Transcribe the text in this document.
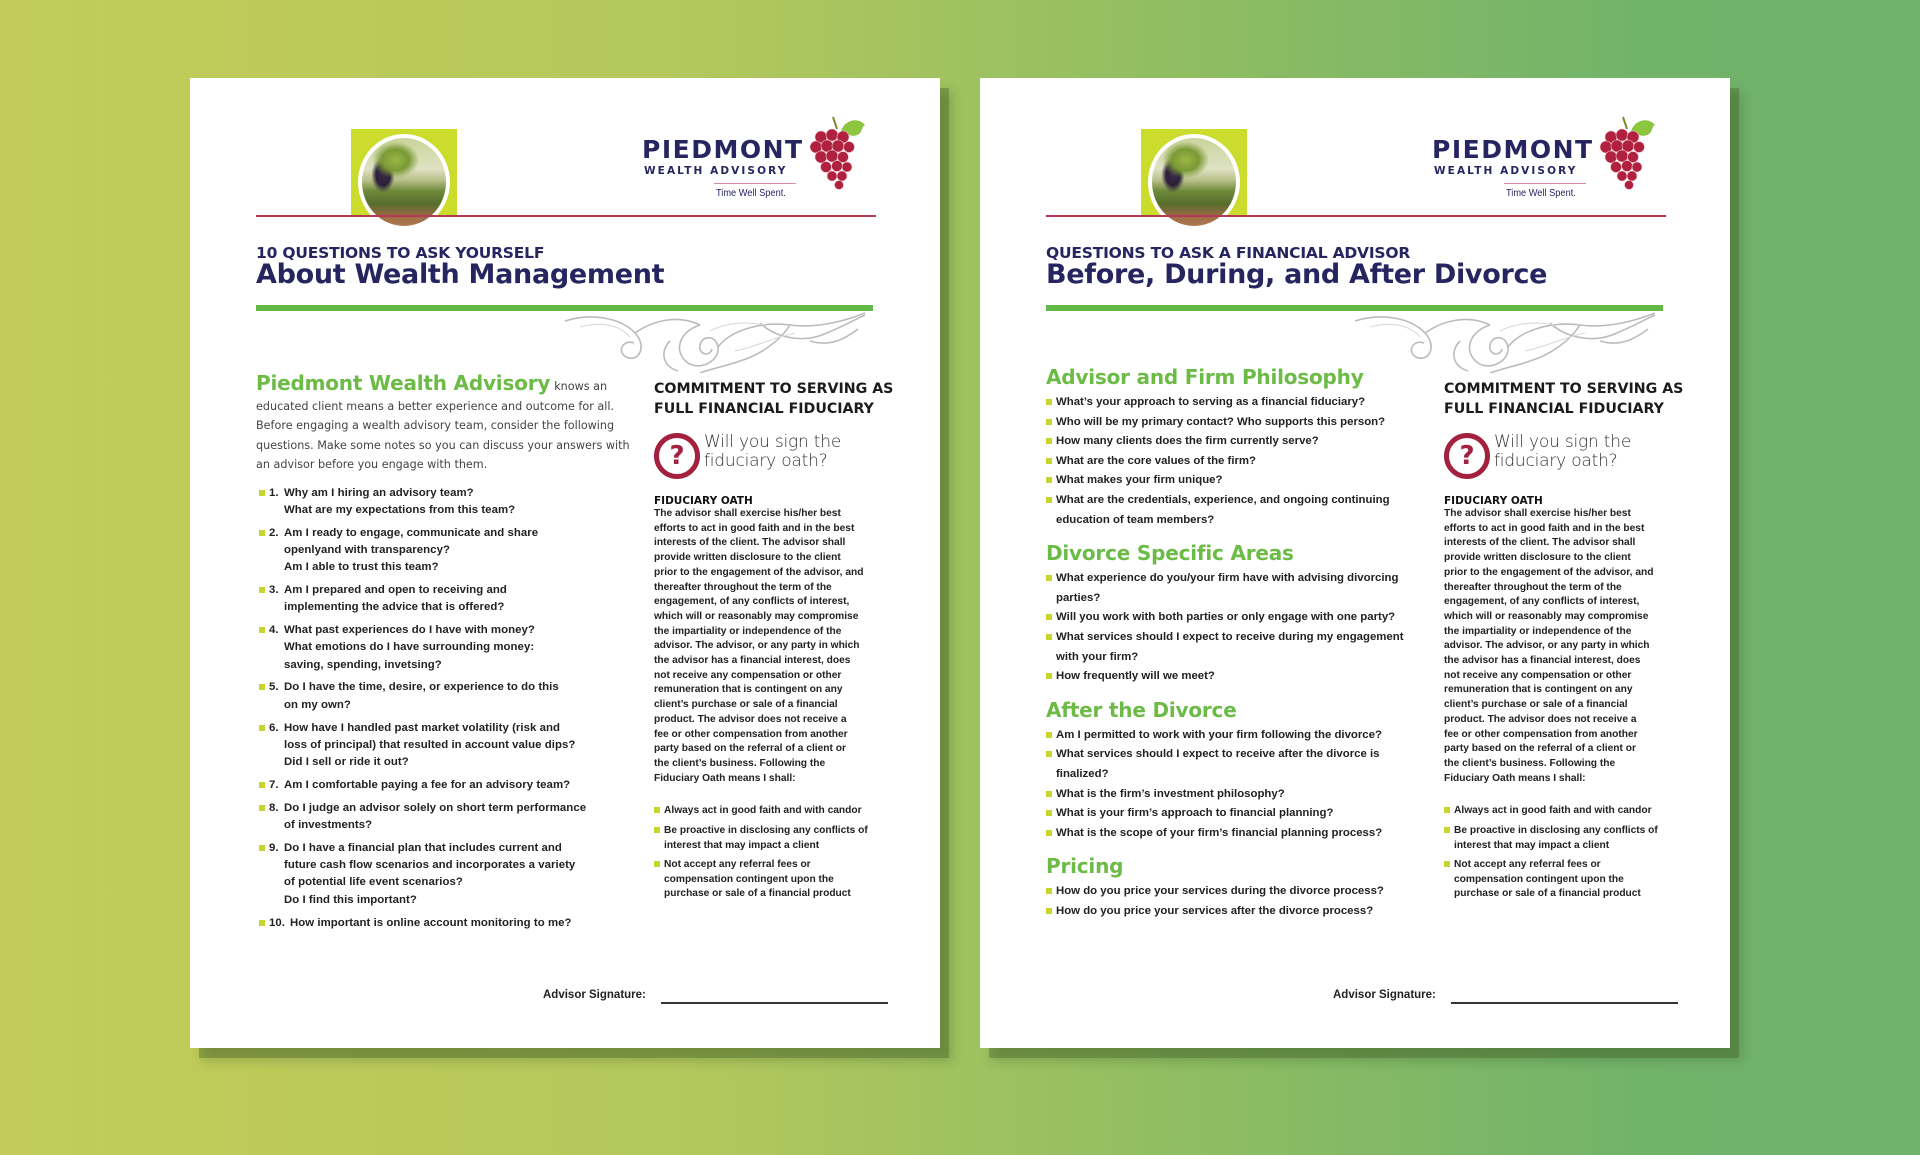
PIEDMONT
WEALTH ADVISORY
Time Well Spent.
10 QUESTIONS TO ASK YOURSELF
About Wealth Management

Piedmont Wealth Advisory knows an educated client means a better experience and outcome for all. Before engaging a wealth advisory team, consider the following questions. Make some notes so you can discuss your answers with an advisor before you engage with them.

1. Why am I hiring an advisory team?
What are my expectations from this team?
2. Am I ready to engage, communicate and share
openlyand with transparency?
Am I able to trust this team?
3. Am I prepared and open to receiving and
implementing the advice that is offered?
4. What past experiences do I have with money?
What emotions do I have surrounding money:
saving, spending, invetsing?
5. Do I have the time, desire, or experience to do this
on my own?
6. How have I handled past market volatility (risk and
loss of principal) that resulted in account value dips?
Did I sell or ride it out?
7. Am I comfortable paying a fee for an advisory team?
8. Do I judge an advisor solely on short term performance
of investments?
9. Do I have a financial plan that includes current and
future cash flow scenarios and incorporates a variety
of potential life event scenarios?
Do I find this important?
10. How important is online account monitoring to me?
COMMITMENT TO SERVING AS FULL FINANCIAL FIDUCIARY
?	Will you sign the fiduciary oath?
FIDUCIARY OATH

The advisor shall exercise his/her best efforts to act in good faith and in the best interests of the client. The advisor shall provide written disclosure to the client prior to the engagement of the advisor, and thereafter throughout the term of the engagement, of any conflicts of interest, which will or reasonably may compromise the impartiality or independence of the advisor. The advisor, or any party in which the advisor has a financial interest, does not receive any compensation or other remuneration that is contingent on any client’s purchase or sale of a financial product. The advisor does not receive a fee or other compensation from another party based on the referral of a client or the client’s business. Following the Fiduciary Oath means I shall:

Always act in good faith and with candor
Be proactive in disclosing any conflicts of interest that may impact a client
Not accept any referral fees or compensation contingent upon the purchase or sale of a financial product
Advisor Signature:
PIEDMONT
WEALTH ADVISORY
Time Well Spent.
QUESTIONS TO ASK A FINANCIAL ADVISOR
Before, During, and After Divorce
Advisor and Firm Philosophy
What’s your approach to serving as a financial fiduciary?
Who will be my primary contact? Who supports this person?
How many clients does the firm currently serve?
What are the core values of the firm?
What makes your firm unique?
What are the credentials, experience, and ongoing continuing education of team members?
Divorce Specific Areas
What experience do you/your firm have with advising divorcing parties?
Will you work with both parties or only engage with one party?
What services should I expect to receive during my engagement with your firm?
How frequently will we meet?
After the Divorce
Am I permitted to work with your firm following the divorce?
What services should I expect to receive after the divorce is finalized?
What is the firm’s investment philosophy?
What is your firm’s approach to financial planning?
What is the scope of your firm’s financial planning process?
Pricing
How do you price your services during the divorce process?
How do you price your services after the divorce process?
COMMITMENT TO SERVING AS FULL FINANCIAL FIDUCIARY
?	Will you sign the fiduciary oath?
FIDUCIARY OATH

The advisor shall exercise his/her best efforts to act in good faith and in the best interests of the client. The advisor shall provide written disclosure to the client prior to the engagement of the advisor, and thereafter throughout the term of the engagement, of any conflicts of interest, which will or reasonably may compromise the impartiality or independence of the advisor. The advisor, or any party in which the advisor has a financial interest, does not receive any compensation or other remuneration that is contingent on any client’s purchase or sale of a financial product. The advisor does not receive a fee or other compensation from another party based on the referral of a client or the client’s business. Following the Fiduciary Oath means I shall:

Always act in good faith and with candor
Be proactive in disclosing any conflicts of interest that may impact a client
Not accept any referral fees or compensation contingent upon the purchase or sale of a financial product
Advisor Signature:
